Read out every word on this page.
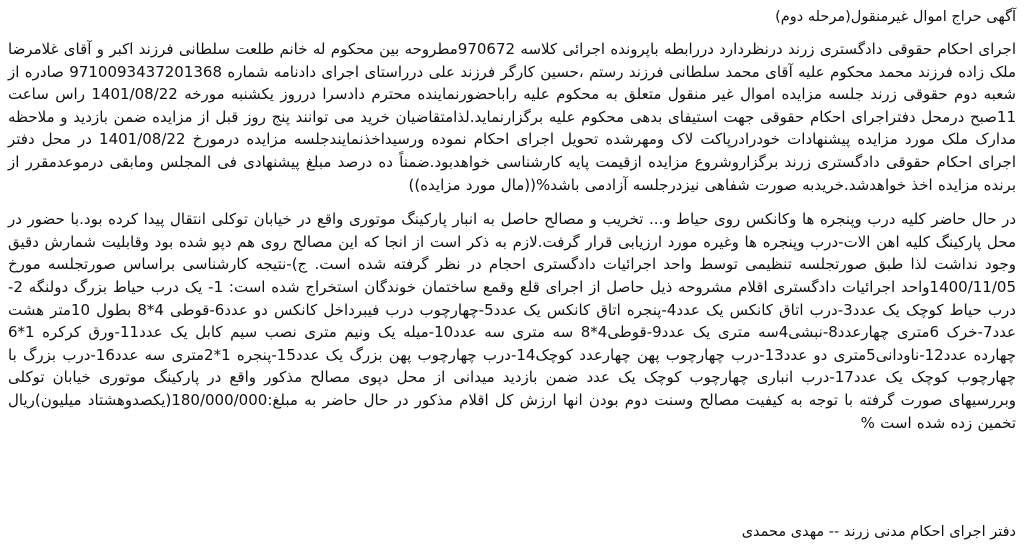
آگهی حراج اموال غیرمنقول(مرحله دوم)

اجرای احکام حقوقی دادگستری زرند درنظردارد دررابطه باپرونده اجرائی کلاسه 970672مطروحه بین محکوم له خانم طلعت سلطانی فرزند اکبر و آقای غلامرضا ملک زاده فرزند محمد محکوم علیه آقای محمد سلطانی فرزند رستم ،حسین کارگر فرزند علی درراستای اجرای دادنامه شماره 9710093437201368 صادره از شعبه دوم حقوقی زرند جلسه مزایده اموال غیر منقول متعلق به محکوم علیه راباحضورنماینده محترم دادسرا درروز یکشنبه مورخه 1401/08/22 راس ساعت 11صبح درمحل دفتراجرای احکام حقوقی جهت استیفای بدهی محکوم علیه برگزارنماید.لذامتقاضیان خرید می توانند پنج روز قبل از مزایده ضمن بازدید و ملاحظه مدارک ملک مورد مزایده پیشنهادات خودرادرپاکت لاک ومهرشده تحویل اجرای احکام نموده ورسیداخذنمایندجلسه مزایده درمورخ 1401/08/22 در محل دفتر اجرای احکام حقوقی دادگستری زرند برگزاروشروع مزایده ازقیمت پایه کارشناسی خواهدبود.ضمناً ده درصد مبلغ پیشنهادی فی المجلس ومابقی درموعدمقرر از برنده مزایده اخذ خواهدشد.خریدبه صورت شفاهی نیزدرجلسه آزادمی باشد%((مال مورد مزایده))

در حال حاضر کلیه درب وپنجره ها وکانکس روی حیاط و... تخریب و مصالح حاصل به انبار پارکینگ موتوری واقع در خیابان توکلی انتقال پیدا کرده بود.با حضور در محل پارکینگ کلیه اهن الات-درب وپنجره ها وغیره مورد ارزیابی قرار گرفت.لازم به ذکر است از انجا که این مصالح روی هم دپو شده بود وقابلیت شمارش دقیق وجود نداشت لذا طبق صورتجلسه تنظیمی توسط واحد اجرائیات دادگستری احجام در نظر گرفته شده است. ج)-نتیجه کارشناسی براساس صورتجلسه مورخ 1400/11/05واحد اجرائیات دادگستری اقلام مشروحه ذیل حاصل از اجرای قلع وقمع ساختمان خوندگان استخراج شده است: 1- یک درب حیاط بزرگ دولنگه 2-درب حیاط کوچک یک عدد3-درب اتاق کانکس یک عدد4-پنجره اتاق کانکس یک عدد5-چهارچوب درب فیبرداخل کانکس دو عدد6-قوطی 4*8 بطول 10متر هشت عدد7-خرک 6متری چهارعدد8-نبشی4سه متری یک عدد9-قوطی4*8 سه متری سه عدد10-میله یک ونیم متری نصب سیم کابل یک عدد11-ورق کرکره 1*6 چهارده عدد12-ناودانی5متری دو عدد13-درب چهارچوب پهن چهارعدد کوچک14-درب چهارچوب پهن بزرگ یک عدد15-پنجره 1*2متری سه عدد16-درب بزرگ با چهارچوب کوچک یک عدد17-درب انباری چهارچوب کوچک یک عدد ضمن بازدید میدانی از محل دپوی مصالح مذکور واقع در پارکینگ موتوری خیابان توکلی وبررسیهای صورت گرفته با توجه به کیفیت مصالح وسنت دوم بودن انها ارزش کل اقلام مذکور در حال حاضر به مبلغ:180/000/000(یکصدوهشتاد میلیون)ریال تخمین زده شده است %

دفتر اجرای احکام مدنی زرند -- مهدی محمدی
